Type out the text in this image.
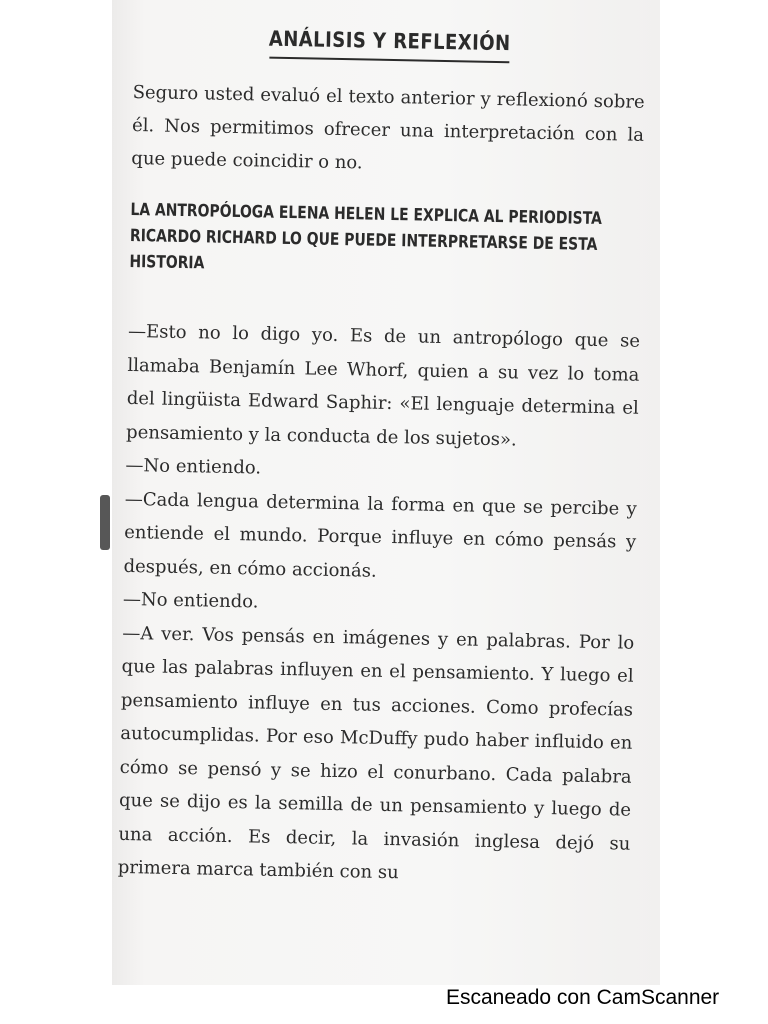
ANÁLISIS Y REFLEXIÓN
Seguro usted evaluó el texto anterior y reflexionó sobre él. Nos permitimos ofrecer una interpretación con la que puede coincidir o no.
LA ANTROPÓLOGA ELENA HELEN LE EXPLICA AL PERIODISTA RICARDO RICHARD LO QUE PUEDE INTERPRETARSE DE ESTA HISTORIA

—Esto no lo digo yo. Es de un antropólogo que se llamaba Benjamín Lee Whorf, quien a su vez lo toma del lingüista Edward Saphir: «El lenguaje determina el pensamiento y la conducta de los sujetos».

—No entiendo.

—Cada lengua determina la forma en que se percibe y entiende el mundo. Porque influye en cómo pensás y después, en cómo accionás.

—No entiendo.

—A ver. Vos pensás en imágenes y en palabras. Por lo que las palabras influyen en el pensamiento. Y luego el pensamiento influye en tus acciones. Como profecías autocumplidas. Por eso McDuffy pudo haber influido en cómo se pensó y se hizo el conurbano. Cada palabra que se dijo es la semilla de un pensamiento y luego de una acción. Es decir, la invasión inglesa dejó su primera marca también con su

Escaneado con CamScanner
